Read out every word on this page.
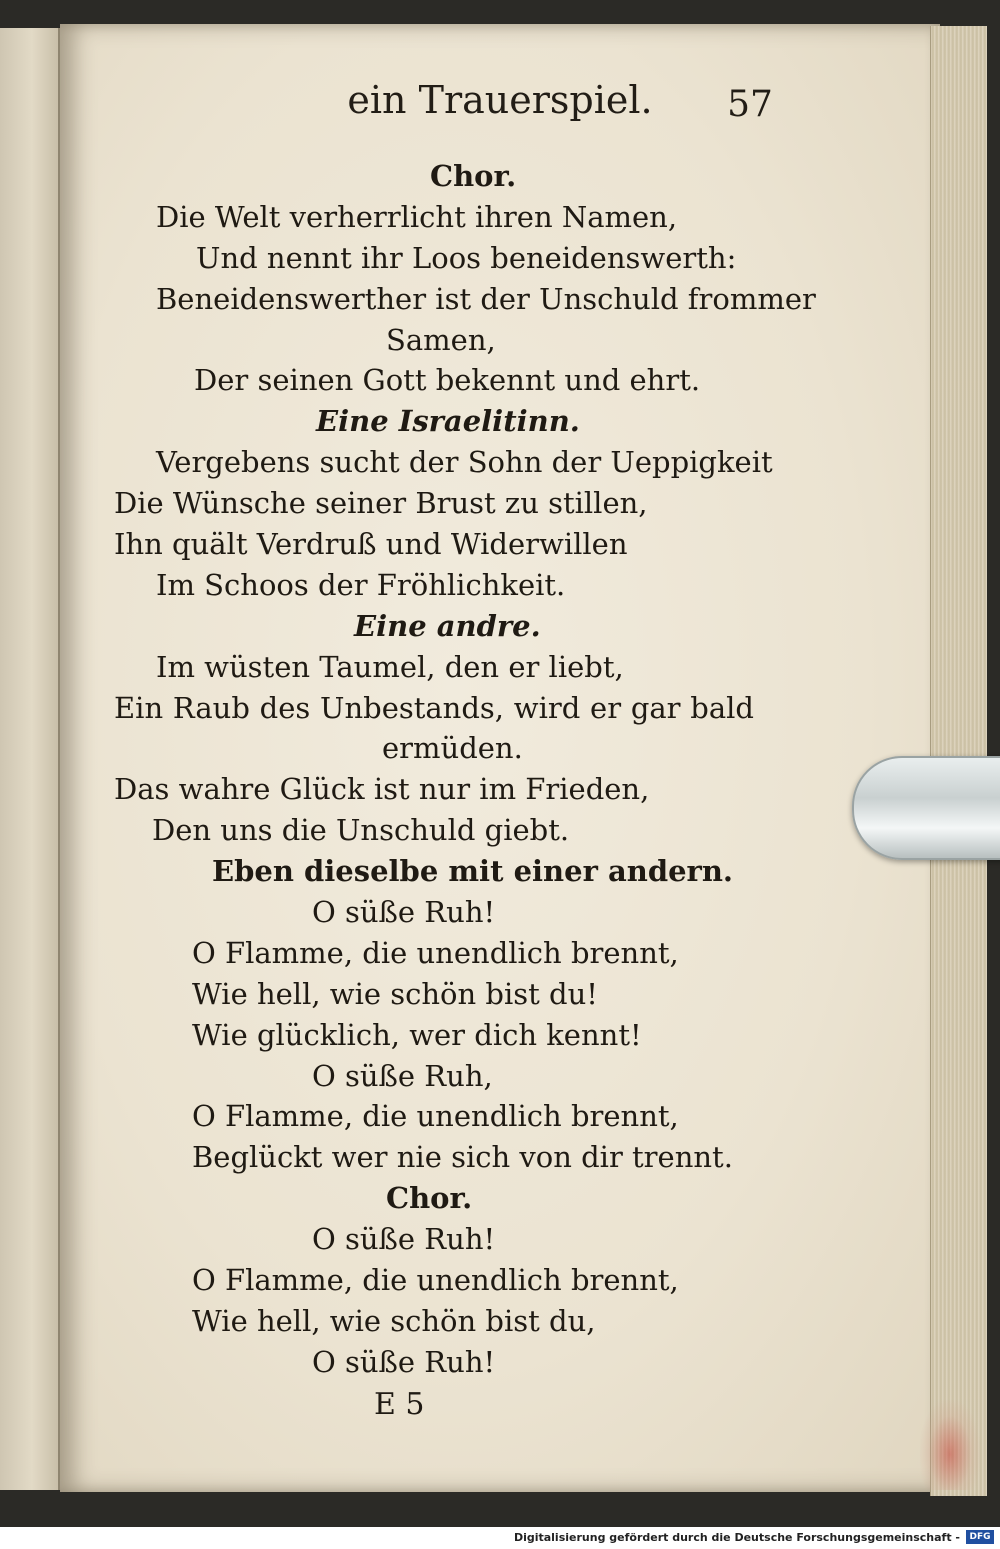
ein Trauerspiel.	57
Chor.
Die Welt verherrlicht ihren Namen,
Und nennt ihr Loos beneidenswerth:
Beneidenswerther ist der Unschuld frommer
Samen,
Der seinen Gott bekennt und ehrt.
Eine Israelitinn.
Vergebens sucht der Sohn der Ueppigkeit
Die Wünsche seiner Brust zu stillen,
Ihn quält Verdruß und Widerwillen
Im Schoos der Fröhlichkeit.
Eine andre.
Im wüsten Taumel, den er liebt,
Ein Raub des Unbestands, wird er gar bald
ermüden.
Das wahre Glück ist nur im Frieden,
Den uns die Unschuld giebt.
Eben dieselbe mit einer andern.
O süße Ruh!
O Flamme, die unendlich brennt,
Wie hell, wie schön bist du!
Wie glücklich, wer dich kennt!
O süße Ruh,
O Flamme, die unendlich brennt,
Beglückt wer nie sich von dir trennt.
Chor.
O süße Ruh!
O Flamme, die unendlich brennt,
Wie hell, wie schön bist du,
O süße Ruh!
E 5
Digitalisierung gefördert durch die Deutsche Forschungsgemeinschaft -	DFG
